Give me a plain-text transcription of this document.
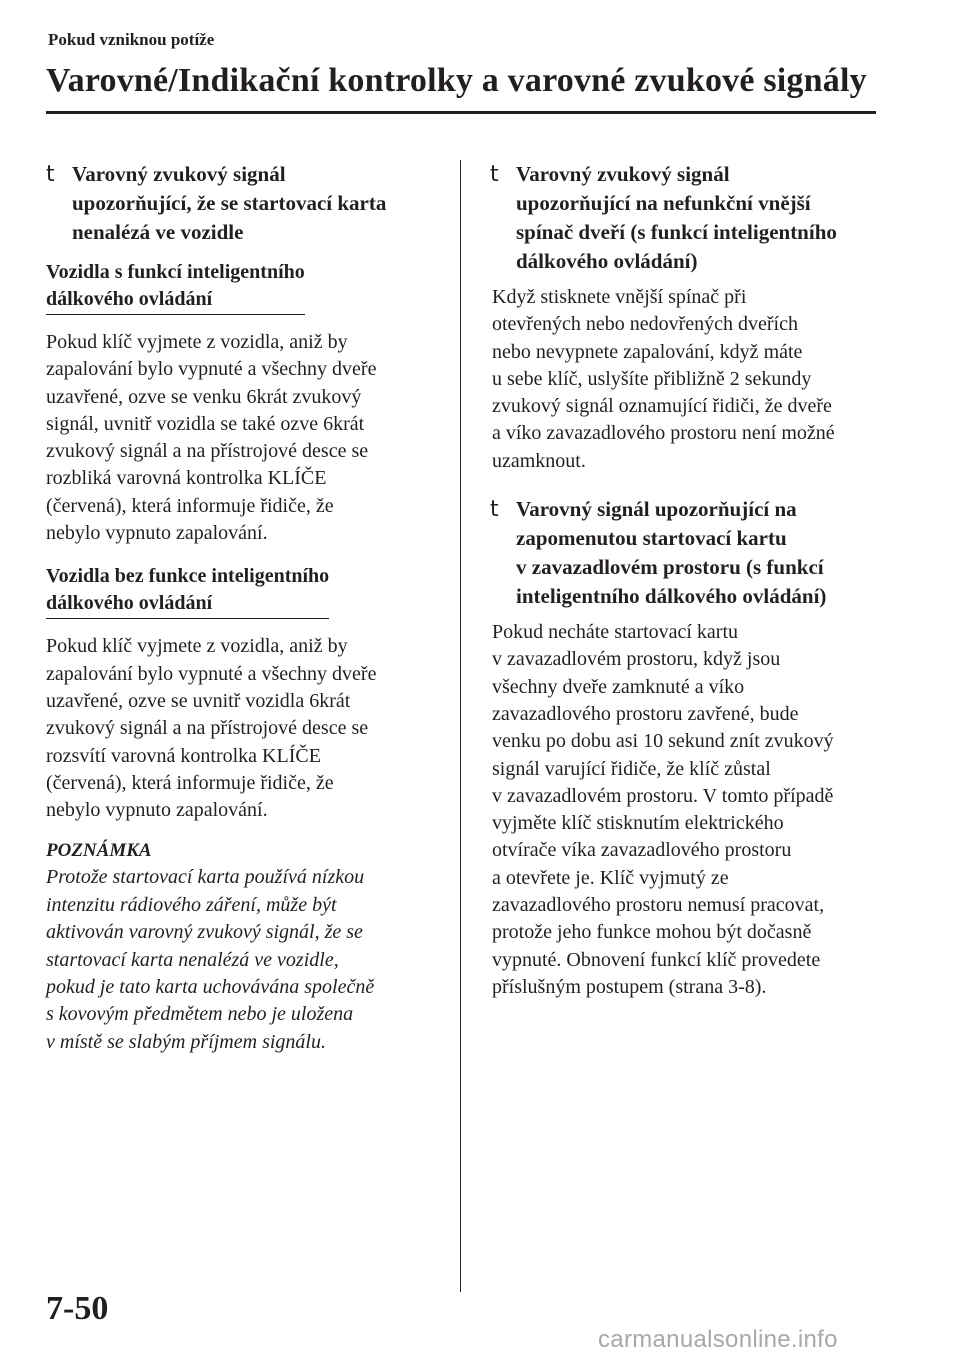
Pokud vzniknou potíže
Varovné/Indikační kontrolky a varovné zvukové signály
t Varovný zvukový signál
upozorňující, že se startovací karta
nenalézá ve vozidle
Vozidla s funkcí inteligentního
dálkového ovládání
Pokud klíč vyjmete z vozidla, aniž by
zapalování bylo vypnuté a všechny dveře
uzavřené, ozve se venku 6krát zvukový
signál, uvnitř vozidla se také ozve 6krát
zvukový signál a na přístrojové desce se
rozbliká varovná kontrolka KLÍČE
(červená), která informuje řidiče, že
nebylo vypnuto zapalování.
Vozidla bez funkce inteligentního
dálkového ovládání
Pokud klíč vyjmete z vozidla, aniž by
zapalování bylo vypnuté a všechny dveře
uzavřené, ozve se uvnitř vozidla 6krát
zvukový signál a na přístrojové desce se
rozsvítí varovná kontrolka KLÍČE
(červená), která informuje řidiče, že
nebylo vypnuto zapalování.
POZNÁMKA
Protože startovací karta používá nízkou
intenzitu rádiového záření, může být
aktivován varovný zvukový signál, že se
startovací karta nenalézá ve vozidle,
pokud je tato karta uchovávána společně
s kovovým předmětem nebo je uložena
v místě se slabým příjmem signálu.
t Varovný zvukový signál
upozorňující na nefunkční vnější
spínač dveří (s funkcí inteligentního
dálkového ovládání)
Když stisknete vnější spínač při
otevřených nebo nedovřených dveřích
nebo nevypnete zapalování, když máte
u sebe klíč, uslyšíte přibližně 2 sekundy
zvukový signál oznamující řidiči, že dveře
a víko zavazadlového prostoru není možné
uzamknout.
t Varovný signál upozorňující na
zapomenutou startovací kartu
v zavazadlovém prostoru (s funkcí
inteligentního dálkového ovládání)
Pokud necháte startovací kartu
v zavazadlovém prostoru, když jsou
všechny dveře zamknuté a víko
zavazadlového prostoru zavřené, bude
venku po dobu asi 10 sekund znít zvukový
signál varující řidiče, že klíč zůstal
v zavazadlovém prostoru. V tomto případě
vyjměte klíč stisknutím elektrického
otvírače víka zavazadlového prostoru
a otevřete je. Klíč vyjmutý ze
zavazadlového prostoru nemusí pracovat,
protože jeho funkce mohou být dočasně
vypnuté. Obnovení funkcí klíč provedete
příslušným postupem (strana 3-8).
7-50
carmanualsonline.info
